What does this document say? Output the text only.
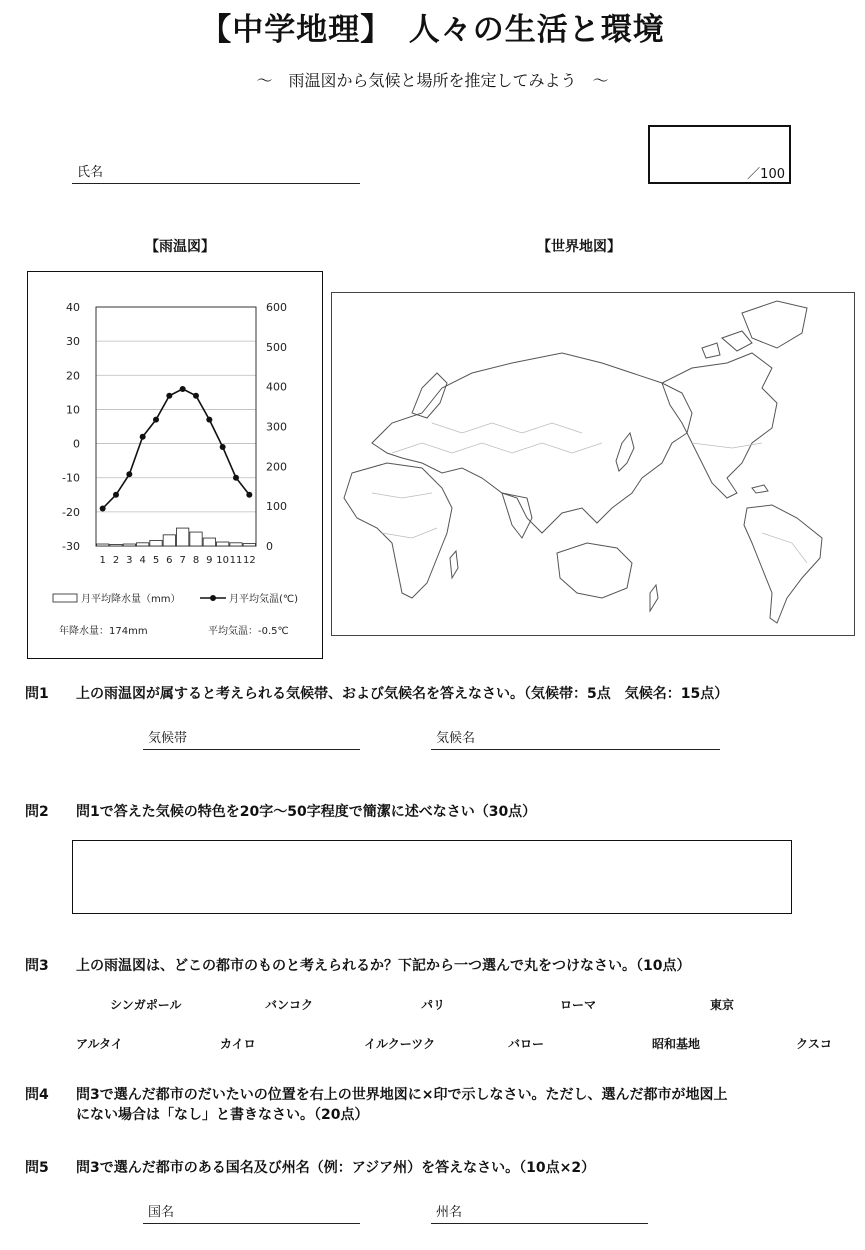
【中学地理】　人々の生活と環境
～　雨温図から気候と場所を推定してみよう　～
氏名	／100
【雨温図】	【世界地図】
40
30
20
10
0
-10
-20
-30
600
500
400
300
200
100
0
1 2 3 4 5 6 7 8 9 10 11 12
月平均降水量（mm）	月平均気温(℃)
年降水量：174mm	平均気温：-0.5℃
問1 上の雨温図が属すると考えられる気候帯、および気候名を答えなさい。（気候帯：5点　気候名：15点）
気候帯	気候名
問2 問1で答えた気候の特色を20字～50字程度で簡潔に述べなさい（30点）
問3 上の雨温図は、どこの都市のものと考えられるか？下記から一つ選んで丸をつけなさい。（10点）
シンガポール	バンコク	パリ	ローマ	東京
アルタイ	カイロ	イルクーツク	バロー	昭和基地	クスコ
問4 問3で選んだ都市のだいたいの位置を右上の世界地図に×印で示しなさい。ただし、選んだ都市が地図上
にない場合は「なし」と書きなさい。（20点）
問5 問3で選んだ都市のある国名及び州名（例：アジア州）を答えなさい。（10点×2）
国名	州名
